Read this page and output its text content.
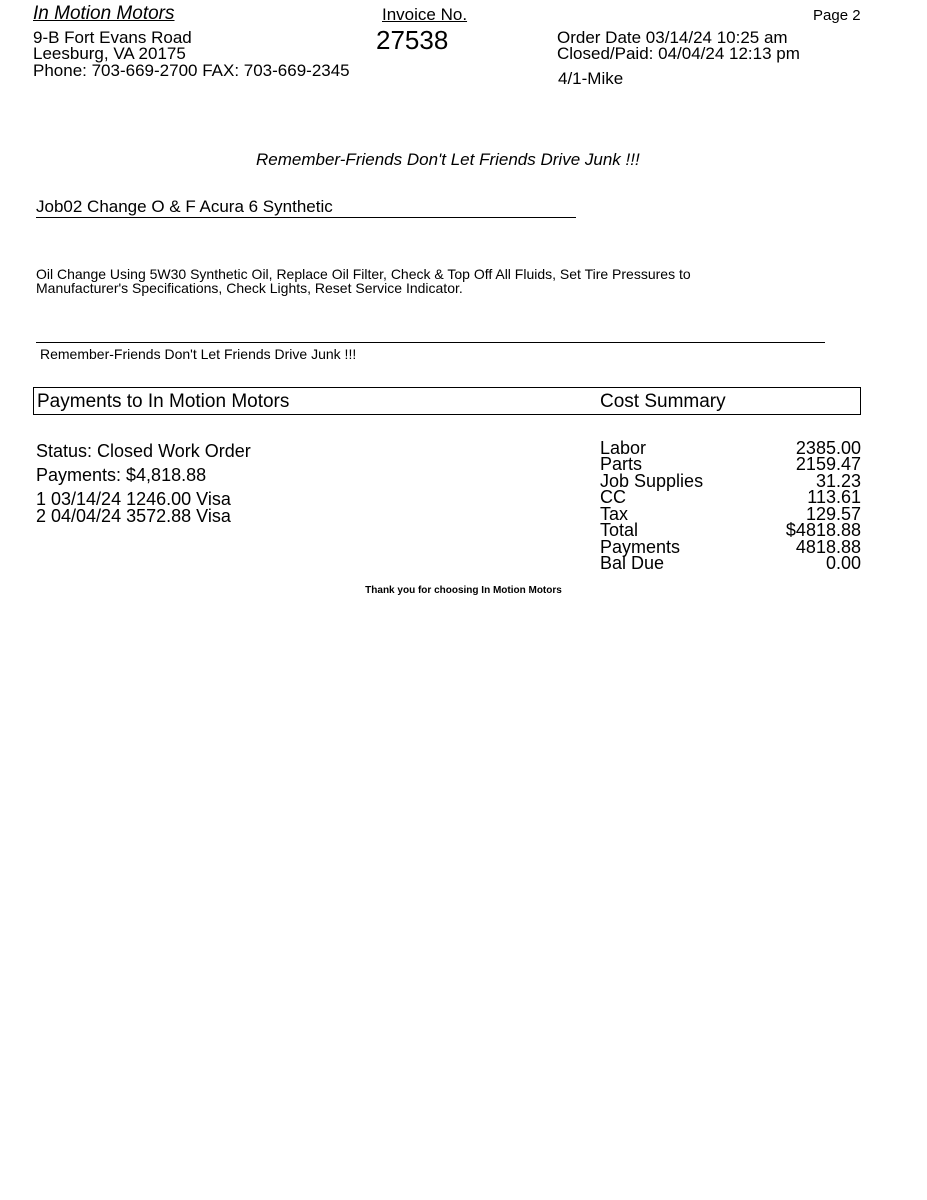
In Motion Motors
9-B Fort Evans Road
Leesburg, VA 20175
Phone: 703-669-2700 FAX: 703-669-2345
Invoice No.
27538
Page 2
Order Date 03/14/24 10:25 am
Closed/Paid: 04/04/24 12:13 pm
4/1-Mike
Remember-Friends Don't Let Friends Drive Junk !!!
Job02 Change O & F Acura 6 Synthetic
Oil Change Using 5W30 Synthetic Oil, Replace Oil Filter, Check & Top Off All Fluids, Set Tire Pressures to Manufacturer's Specifications, Check Lights, Reset Service Indicator.
Remember-Friends Don't Let Friends Drive Junk !!!
Payments to In Motion Motors	Cost Summary
Status: Closed Work Order
Payments: $4,818.88
1 03/14/24 1246.00 Visa
2 04/04/24 3572.88 Visa
Labor	2385.00
Parts	2159.47
Job Supplies	31.23
CC	113.61
Tax	129.57
Total	$4818.88
Payments	4818.88
Bal Due	0.00
Thank you for choosing In Motion Motors
